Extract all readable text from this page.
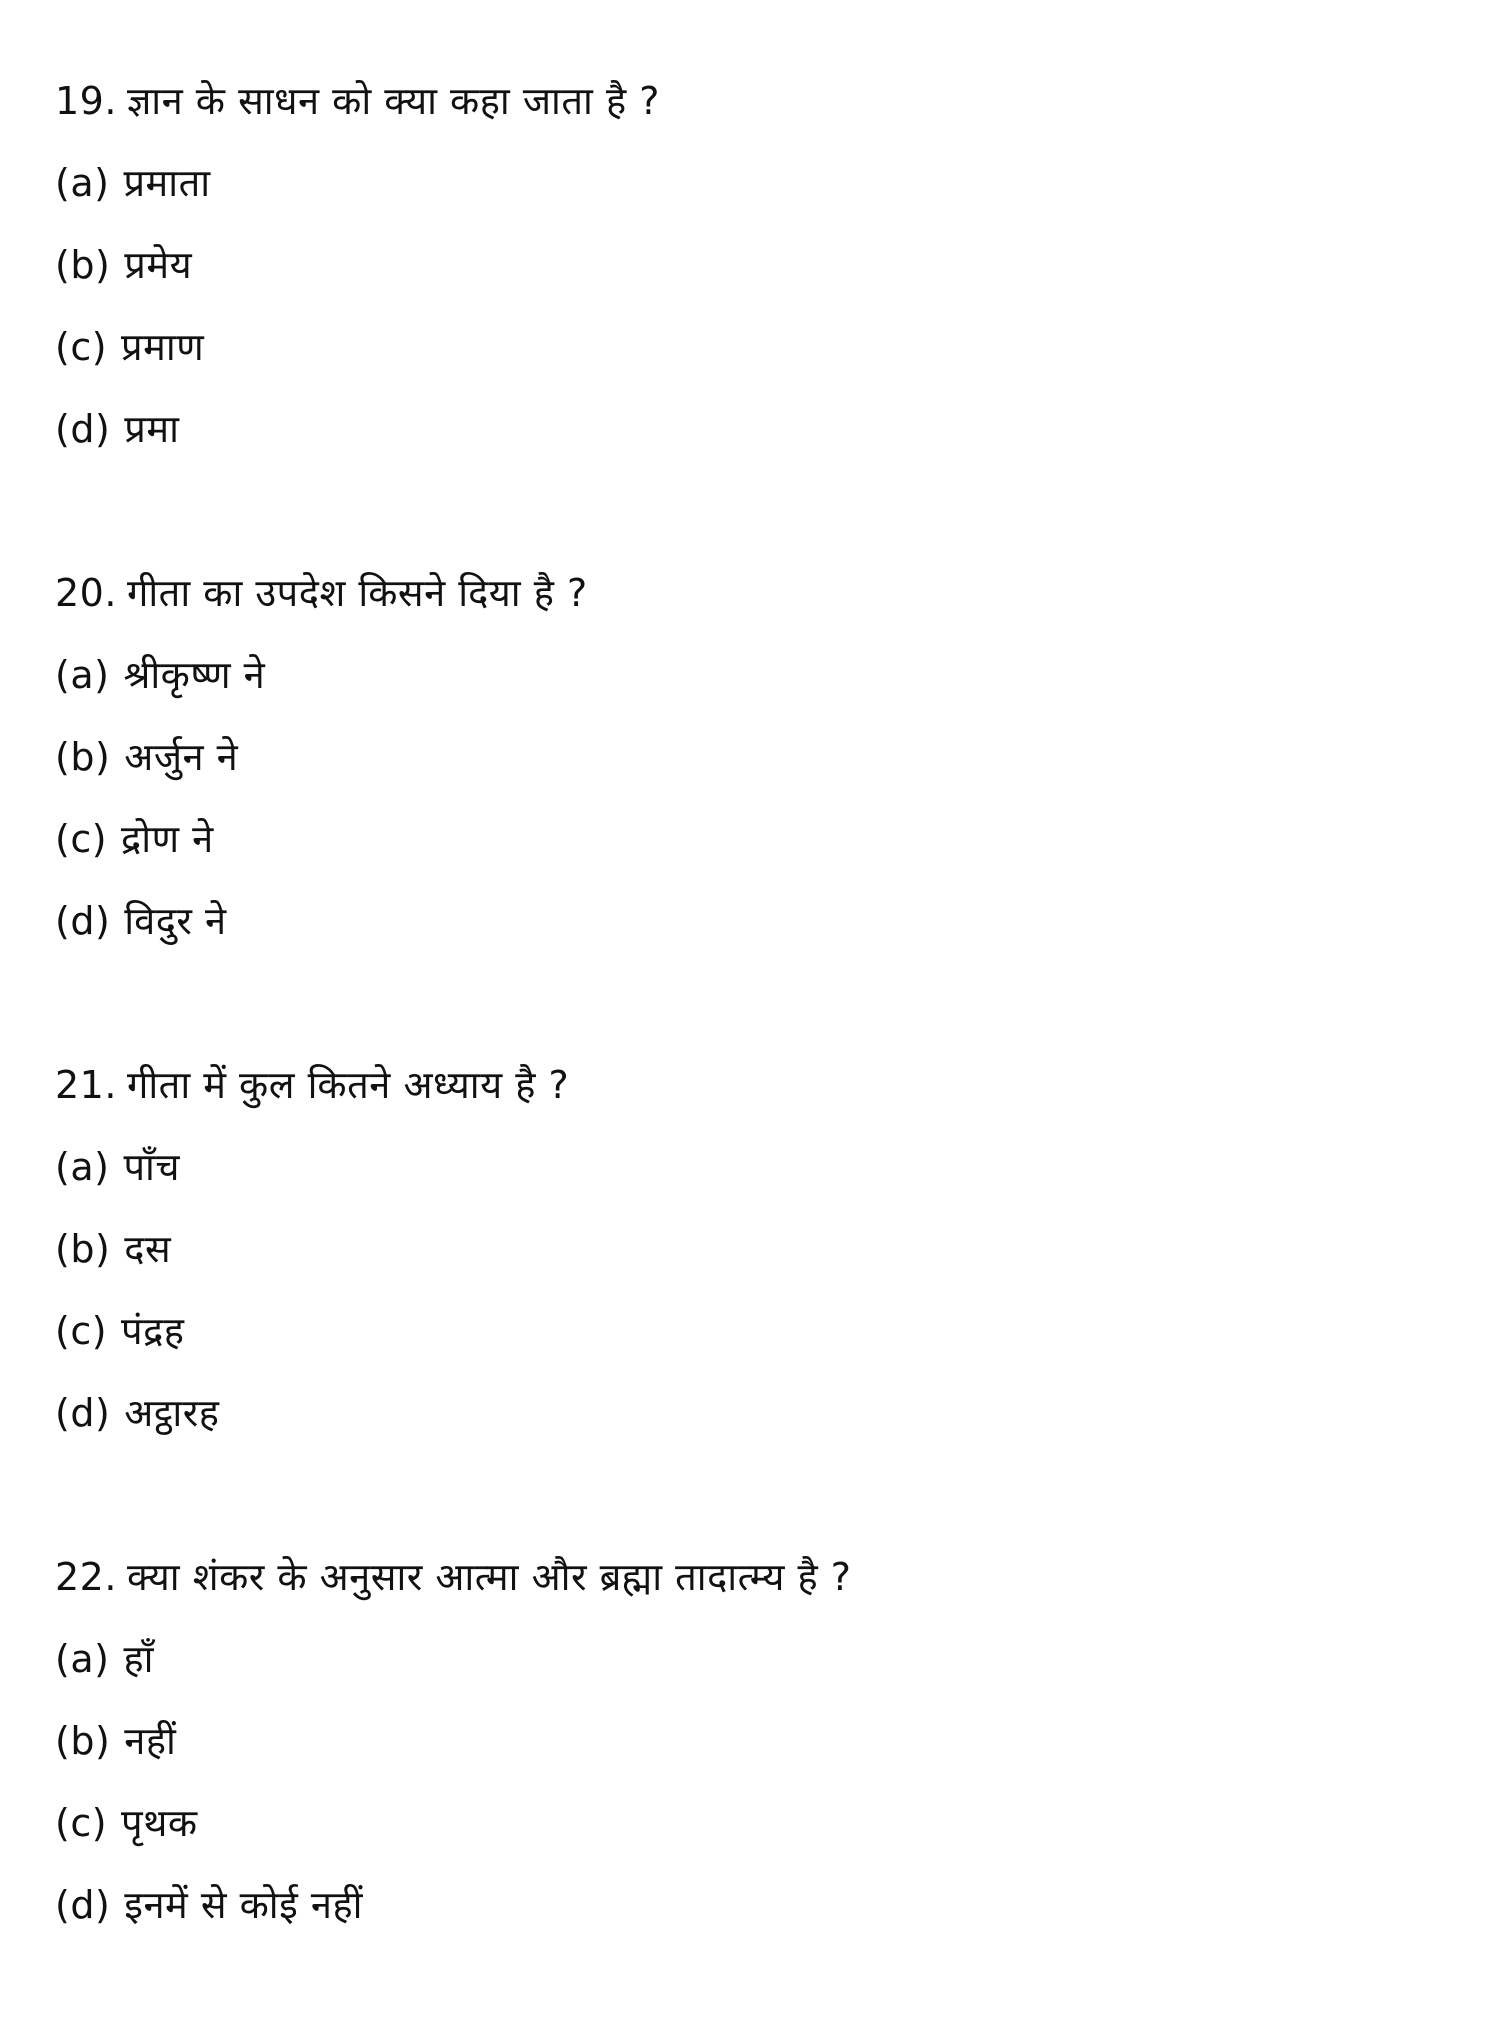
19. ज्ञान के साधन को क्या कहा जाता है ?
(a) प्रमाता
(b) प्रमेय
(c) प्रमाण
(d) प्रमा
20. गीता का उपदेश किसने दिया है ?
(a) श्रीकृष्ण ने
(b) अर्जुन ने
(c) द्रोण ने
(d) विदुर ने
21. गीता में कुल कितने अध्याय है ?
(a) पाँच
(b) दस
(c) पंद्रह
(d) अट्ठारह
22. क्या शंकर के अनुसार आत्मा और ब्रह्मा तादात्म्य है ?
(a) हाँ
(b) नहीं
(c) पृथक
(d) इनमें से कोई नहीं
